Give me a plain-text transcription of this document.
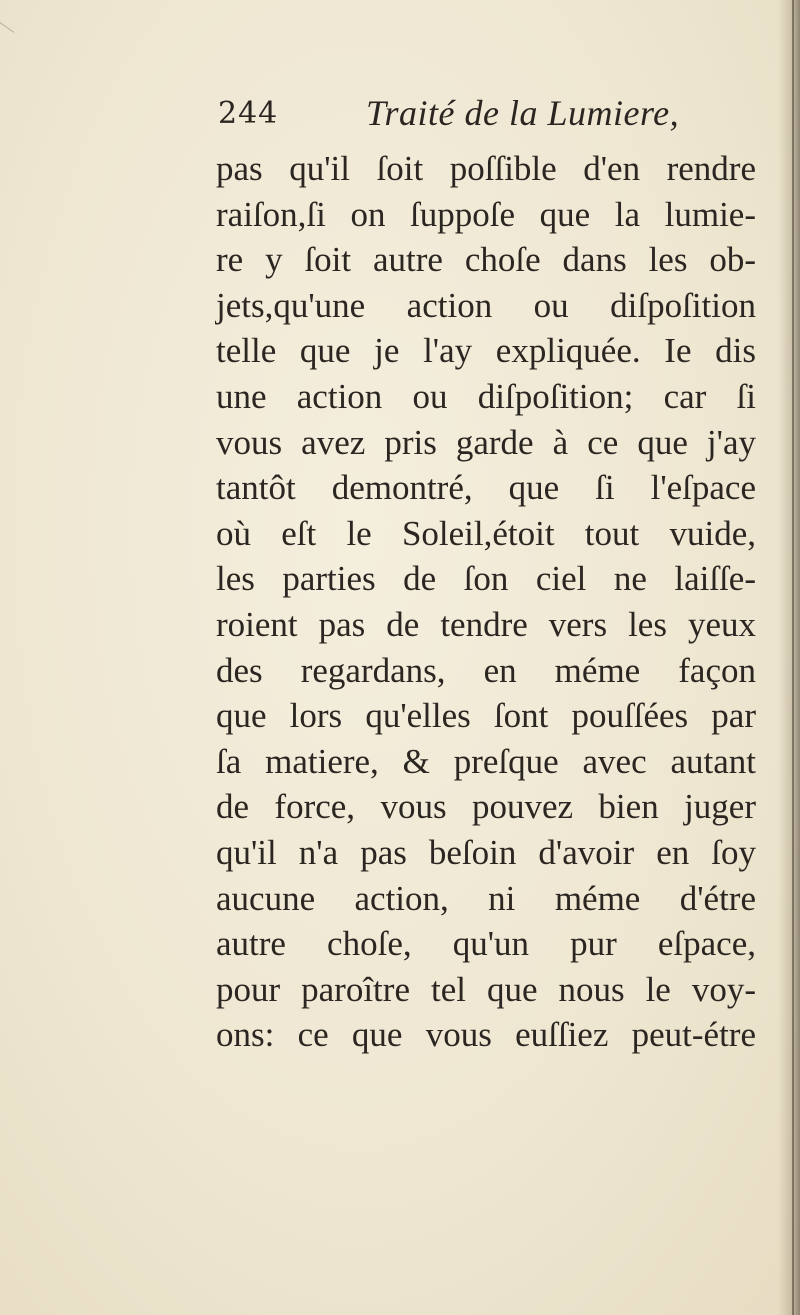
244 Traité de la Lumiere,
pas qu'il ſoit poſſible d'en rendre
raiſon,ſi on ſuppoſe que la lumie-
re y ſoit autre choſe dans les ob-
jets,qu'une action ou diſpoſition
telle que je l'ay expliquée. Ie dis
une action ou diſpoſition; car ſi
vous avez pris garde à ce que j'ay
tantôt demontré, que ſi l'eſpace
où eſt le Soleil,étoit tout vuide,
les parties de ſon ciel ne laiſſe-
roient pas de tendre vers les yeux
des regardans, en méme façon
que lors qu'elles ſont pouſſées par
ſa matiere, & preſque avec autant
de force, vous pouvez bien juger
qu'il n'a pas beſoin d'avoir en ſoy
aucune action, ni méme d'étre
autre choſe, qu'un pur eſpace,
pour paroître tel que nous le voy-
ons: ce que vous euſſiez peut-étre
